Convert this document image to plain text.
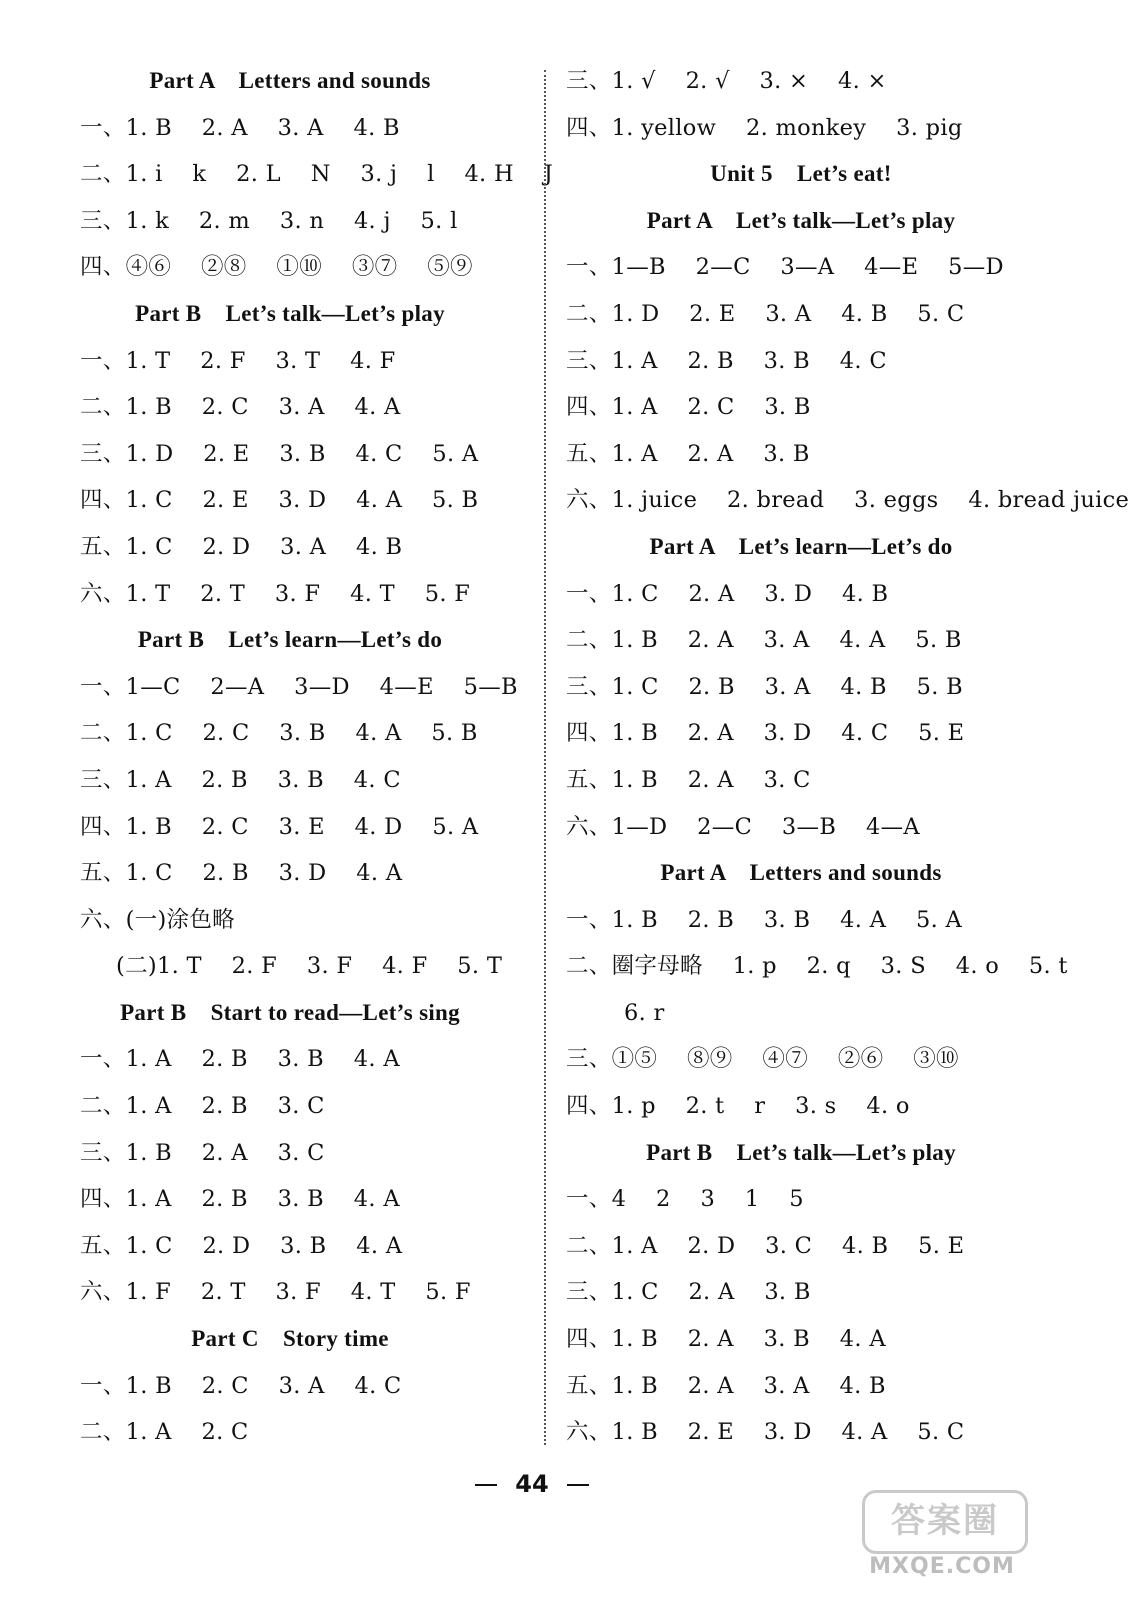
Part A    Letters and sounds
一、1. B    2. A    3. A    4. B
二、1. i    k    2. L    N    3. j    l    4. H    J
三、1. k    2. m    3. n    4. j    5. l
四、④⑥    ②⑧    ①⑩    ③⑦    ⑤⑨
Part B    Let’s talk—Let’s play
一、1. T    2. F    3. T    4. F
二、1. B    2. C    3. A    4. A
三、1. D    2. E    3. B    4. C    5. A
四、1. C    2. E    3. D    4. A    5. B
五、1. C    2. D    3. A    4. B
六、1. T    2. T    3. F    4. T    5. F
Part B    Let’s learn—Let’s do
一、1—C    2—A    3—D    4—E    5—B
二、1. C    2. C    3. B    4. A    5. B
三、1. A    2. B    3. B    4. C
四、1. B    2. C    3. E    4. D    5. A
五、1. C    2. B    3. D    4. A
六、(一)涂色略
(二)1. T    2. F    3. F    4. F    5. T
Part B    Start to read—Let’s sing
一、1. A    2. B    3. B    4. A
二、1. A    2. B    3. C
三、1. B    2. A    3. C
四、1. A    2. B    3. B    4. A
五、1. C    2. D    3. B    4. A
六、1. F    2. T    3. F    4. T    5. F
Part C    Story time
一、1. B    2. C    3. A    4. C
二、1. A    2. C
三、1. √    2. √    3. ×    4. ×
四、1. yellow    2. monkey    3. pig
Unit 5    Let’s eat!
Part A    Let’s talk—Let’s play
一、1—B    2—C    3—A    4—E    5—D
二、1. D    2. E    3. A    4. B    5. C
三、1. A    2. B    3. B    4. C
四、1. A    2. C    3. B
五、1. A    2. A    3. B
六、1. juice    2. bread    3. eggs    4. bread juice
Part A    Let’s learn—Let’s do
一、1. C    2. A    3. D    4. B
二、1. B    2. A    3. A    4. A    5. B
三、1. C    2. B    3. A    4. B    5. B
四、1. B    2. A    3. D    4. C    5. E
五、1. B    2. A    3. C
六、1—D    2—C    3—B    4—A
Part A    Letters and sounds
一、1. B    2. B    3. B    4. A    5. A
二、圈字母略    1. p    2. q    3. S    4. o    5. t
6. r
三、①⑤    ⑧⑨    ④⑦    ②⑥    ③⑩
四、1. p    2. t    r    3. s    4. o
Part B    Let’s talk—Let’s play
一、4    2    3    1    5
二、1. A    2. D    3. C    4. B    5. E
三、1. C    2. A    3. B
四、1. B    2. A    3. B    4. A
五、1. B    2. A    3. A    4. B
六、1. B    2. E    3. D    4. A    5. C
44
答案圈
MXQE.COM
